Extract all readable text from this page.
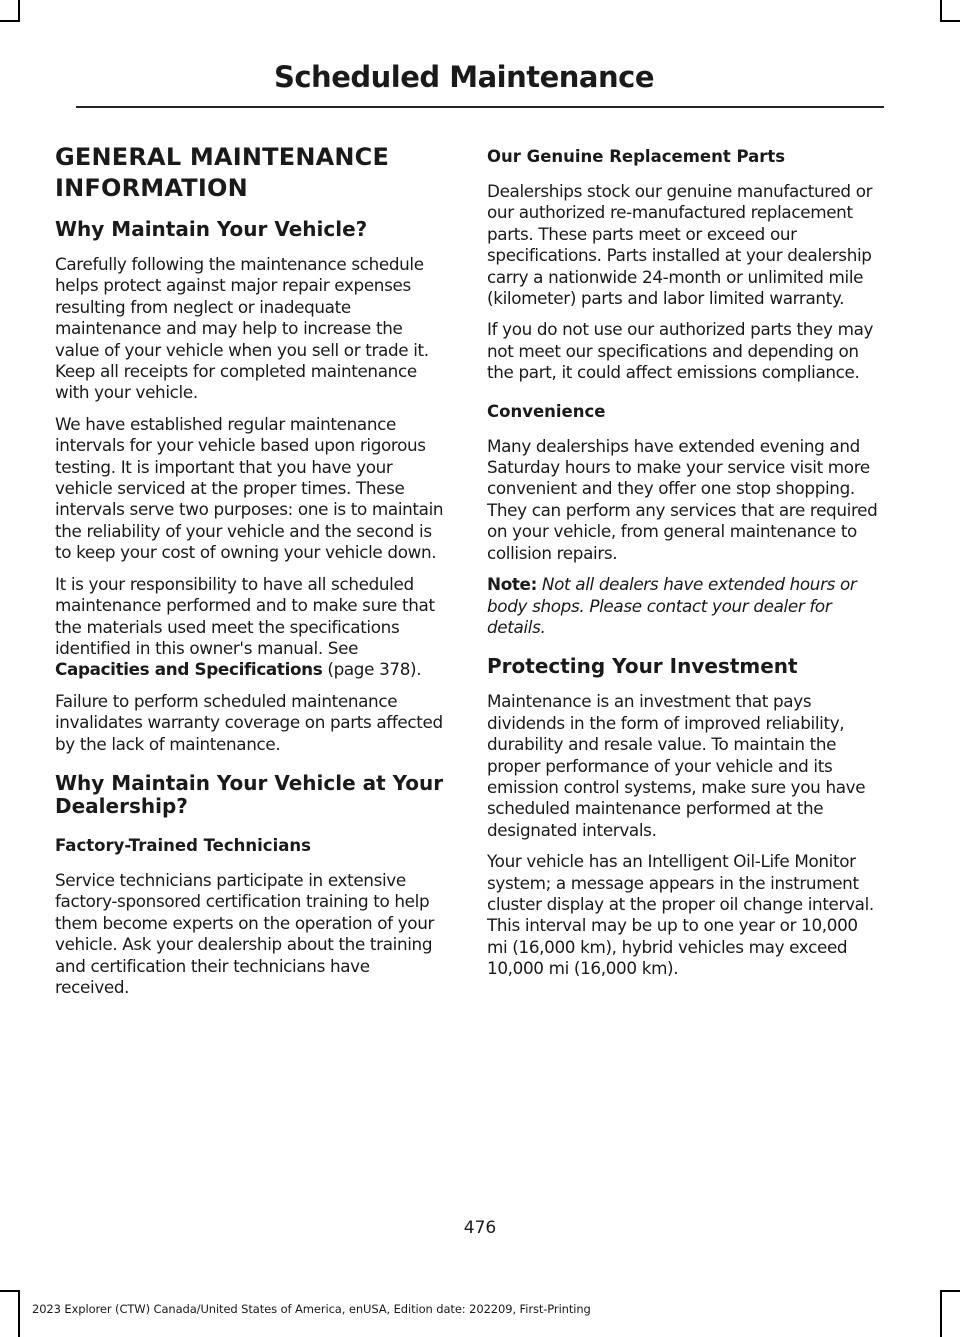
Scheduled Maintenance
GENERAL MAINTENANCE
INFORMATION
Why Maintain Your Vehicle?

Carefully following the maintenance schedule helps protect against major repair expenses resulting from neglect or inadequate maintenance and may help to increase the value of your vehicle when you sell or trade it. Keep all receipts for completed maintenance with your vehicle.

We have established regular maintenance intervals for your vehicle based upon rigorous testing. It is important that you have your vehicle serviced at the proper times. These intervals serve two purposes: one is to maintain the reliability of your vehicle and the second is to keep your cost of owning your vehicle down.

It is your responsibility to have all scheduled maintenance performed and to make sure that the materials used meet the specifications identified in this owner's manual. See Capacities and Specifications (page 378).

Failure to perform scheduled maintenance invalidates warranty coverage on parts affected by the lack of maintenance.

Why Maintain Your Vehicle at Your Dealership?
Factory-Trained Technicians

Service technicians participate in extensive factory-sponsored certification training to help them become experts on the operation of your vehicle. Ask your dealership about the training and certification their technicians have received.

Our Genuine Replacement Parts

Dealerships stock our genuine manufactured or our authorized re-manufactured replacement parts. These parts meet or exceed our specifications. Parts installed at your dealership carry a nationwide 24-month or unlimited mile (kilometer) parts and labor limited warranty.

If you do not use our authorized parts they may not meet our specifications and depending on the part, it could affect emissions compliance.

Convenience

Many dealerships have extended evening and Saturday hours to make your service visit more convenient and they offer one stop shopping. They can perform any services that are required on your vehicle, from general maintenance to collision repairs.

Note: Not all dealers have extended hours or body shops. Please contact your dealer for details.

Protecting Your Investment

Maintenance is an investment that pays dividends in the form of improved reliability, durability and resale value. To maintain the proper performance of your vehicle and its emission control systems, make sure you have scheduled maintenance performed at the designated intervals.

Your vehicle has an Intelligent Oil-Life Monitor system; a message appears in the instrument cluster display at the proper oil change interval. This interval may be up to one year or 10,000 mi (16,000 km), hybrid vehicles may exceed 10,000 mi (16,000 km).

476
2023 Explorer (CTW) Canada/United States of America, enUSA, Edition date: 202209, First-Printing
